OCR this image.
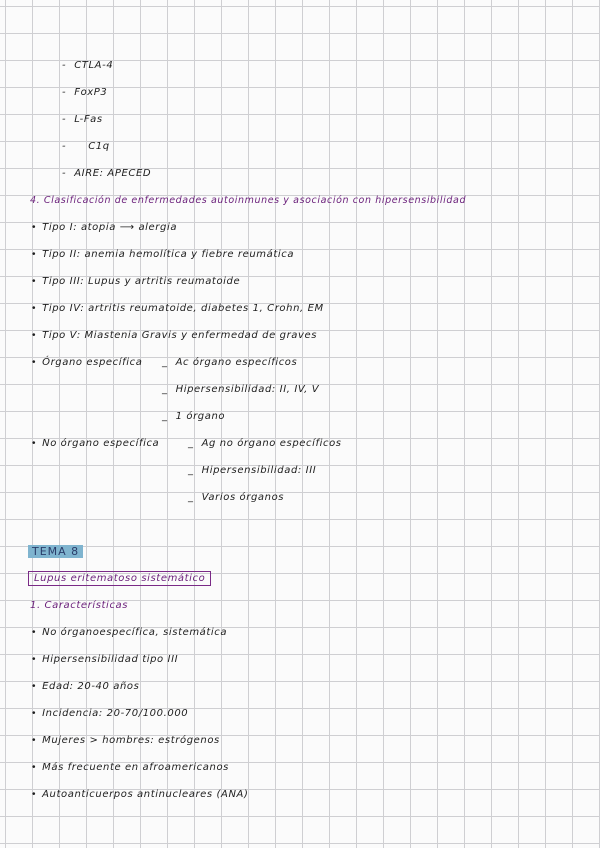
- CTLA-4
- FoxP3
- L-Fas
- C1q
- AIRE: APECED
4. Clasificación de enfermedades autoinmunes y asociación con hipersensibilidad
• Tipo I: atopia ⟶ alergia
• Tipo II: anemia hemolítica y fiebre reumática
• Tipo III: Lupus y artritis reumatoide
• Tipo IV: artritis reumatoide, diabetes 1, Crohn, EM
• Tipo V: Miastenia Gravis y enfermedad de graves
• Órgano específica _ Ac órgano específicos
_ Hipersensibilidad: II, IV, V
_ 1 órgano
• No órgano específica	_ Ag no órgano específicos
_ Hipersensibilidad: III
_ Varios órganos
TEMA 8
Lupus eritematoso sistemático
1. Características
• No órganoespecífica, sistemática
• Hipersensibilidad tipo III
• Edad: 20-40 años
• Incidencia: 20-70/100.000
• Mujeres > hombres: estrógenos
• Más frecuente en afroamericanos
• Autoanticuerpos antinucleares (ANA)
